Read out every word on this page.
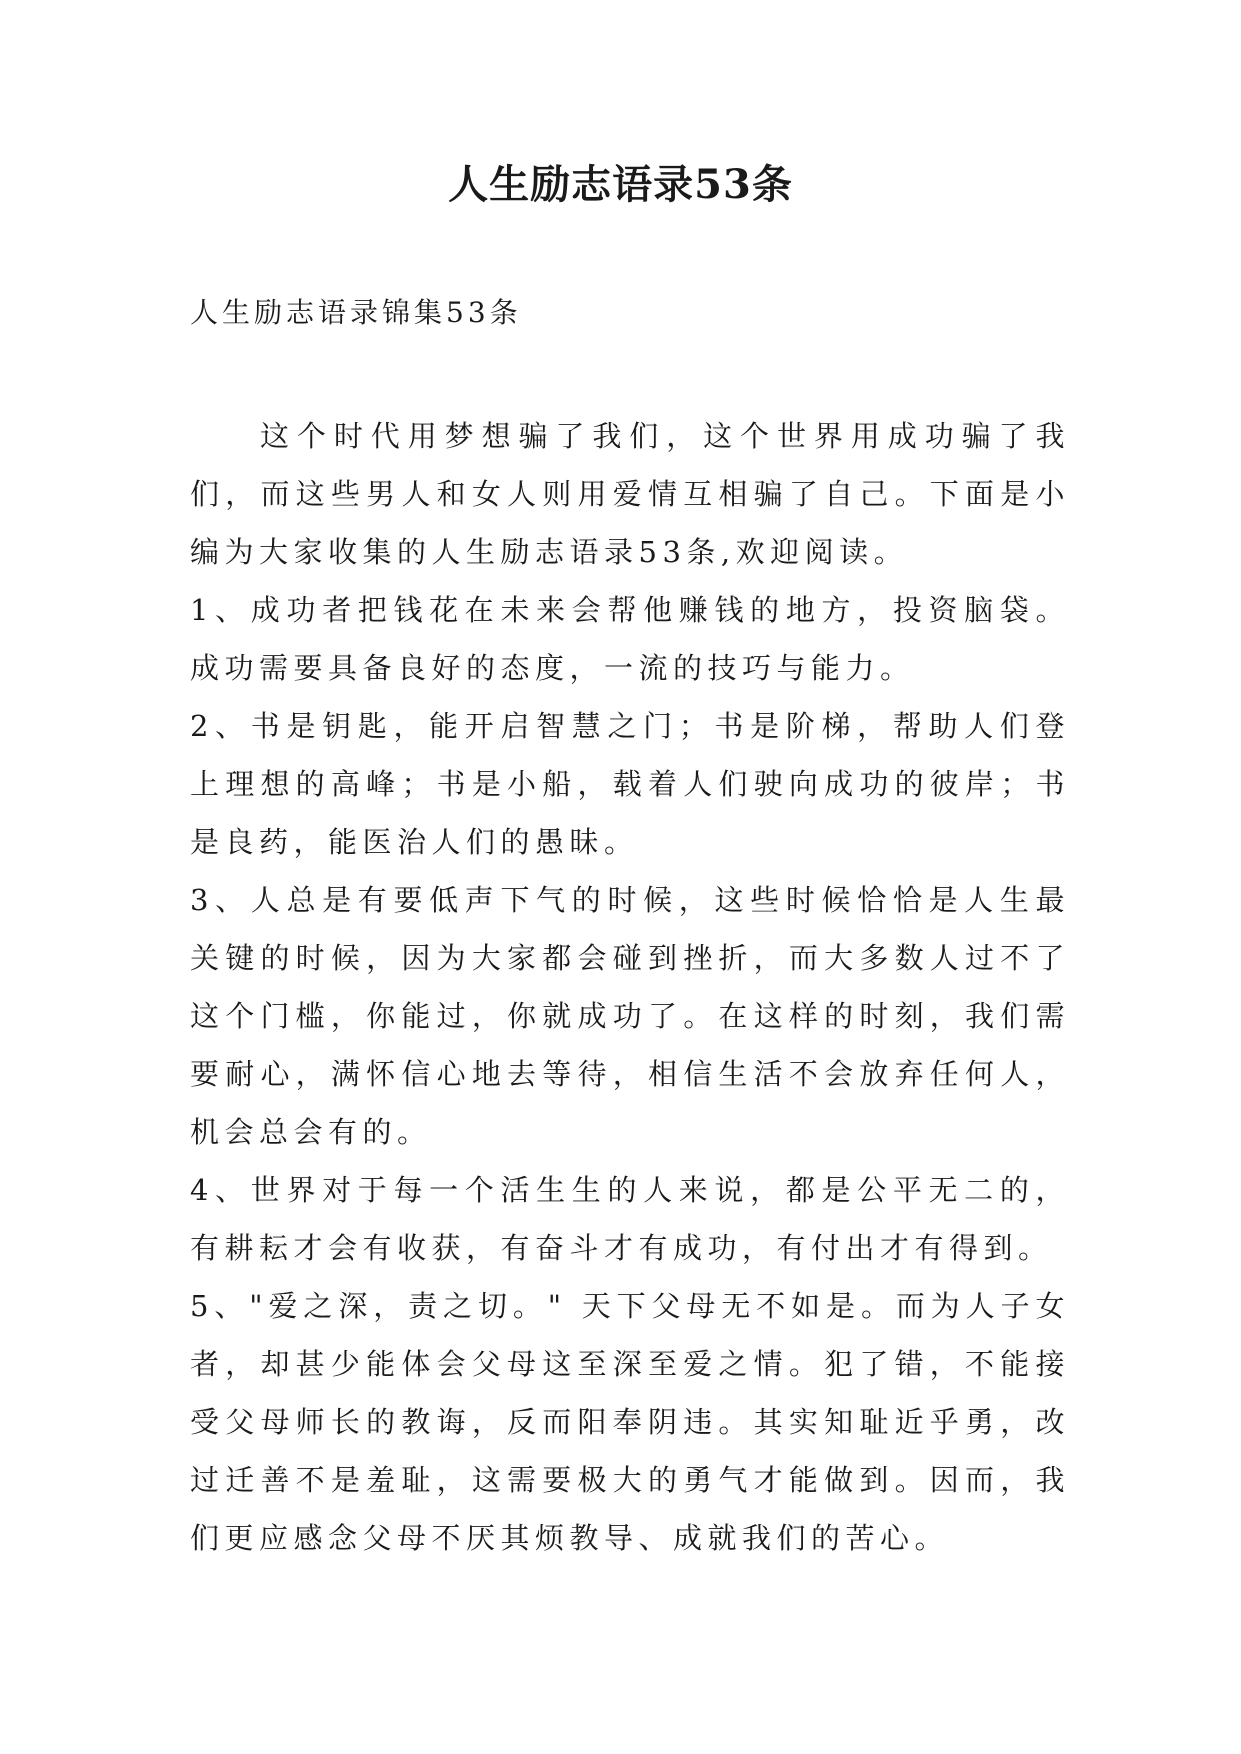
人生励志语录53条

人生励志语录锦集53条

这个时代用梦想骗了我们，这个世界用成功骗了我们，而这些男人和女人则用爱情互相骗了自己。下面是小编为大家收集的人生励志语录53条,欢迎阅读。

1、成功者把钱花在未来会帮他赚钱的地方，投资脑袋。成功需要具备良好的态度，一流的技巧与能力。

2、书是钥匙，能开启智慧之门；书是阶梯，帮助人们登上理想的高峰；书是小船，载着人们驶向成功的彼岸；书是良药，能医治人们的愚昧。

3、人总是有要低声下气的时候，这些时候恰恰是人生最关键的时候，因为大家都会碰到挫折，而大多数人过不了这个门槛，你能过，你就成功了。在这样的时刻，我们需要耐心，满怀信心地去等待，相信生活不会放弃任何人，机会总会有的。

4、世界对于每一个活生生的人来说，都是公平无二的，有耕耘才会有收获，有奋斗才有成功，有付出才有得到。

5、"爱之深，责之切。" 天下父母无不如是。而为人子女者，却甚少能体会父母这至深至爱之情。犯了错，不能接受父母师长的教诲，反而阳奉阴违。其实知耻近乎勇，改过迁善不是羞耻，这需要极大的勇气才能做到。因而，我们更应感念父母不厌其烦教导、成就我们的苦心。
